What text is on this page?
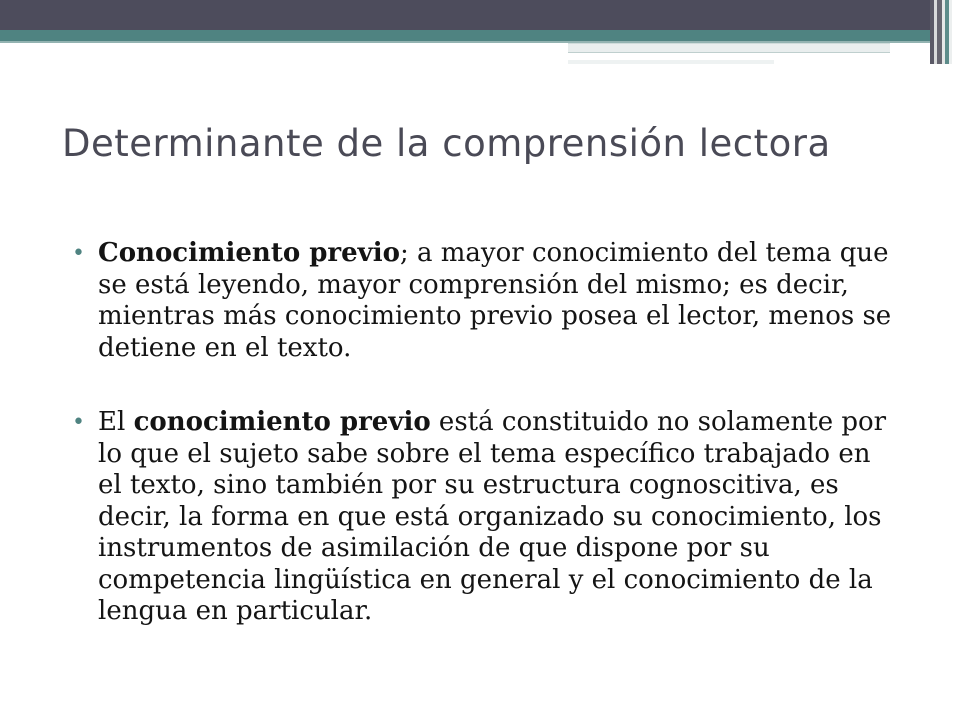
Determinante de la comprensión lectora
• Conocimiento previo; a mayor conocimiento del tema que se está leyendo, mayor comprensión del mismo; es decir, mientras más conocimiento previo posea el lector, menos se detiene en el texto.
• El conocimiento previo está constituido no solamente por lo que el sujeto sabe sobre el tema específico trabajado en el texto, sino también por su estructura cognoscitiva, es decir, la forma en que está organizado su conocimiento, los instrumentos de asimilación de que dispone por su competencia lingüística en general y el conocimiento de la lengua en particular.
